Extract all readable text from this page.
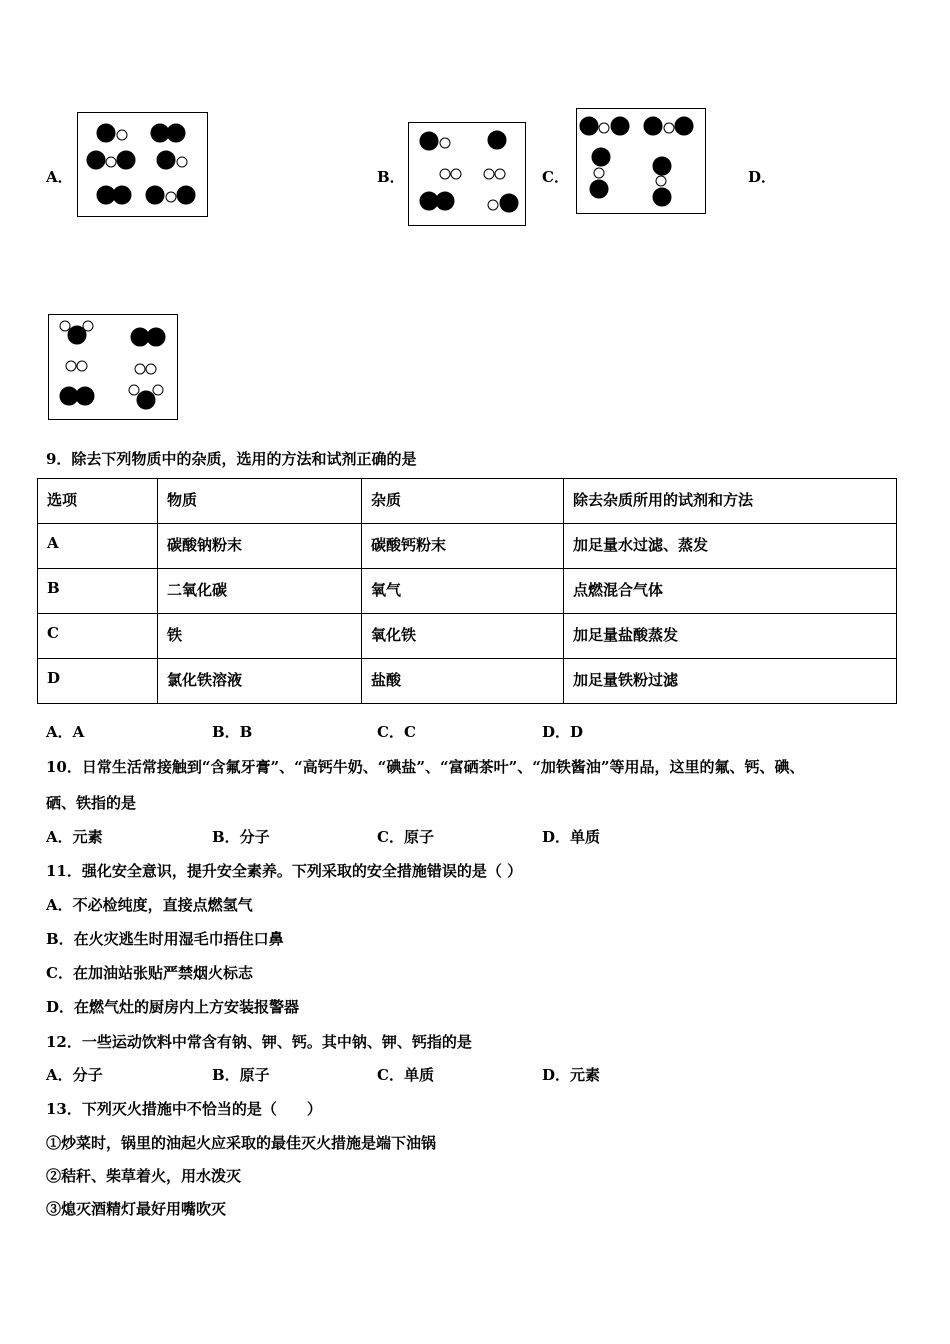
A．	B．	C．	D．
9．除去下列物质中的杂质，选用的方法和试剂正确的是
选项	物质	杂质	除去杂质所用的试剂和方法
A	碳酸钠粉末	碳酸钙粉末	加足量水过滤、蒸发
B	二氧化碳	氧气	点燃混合气体
C	铁	氧化铁	加足量盐酸蒸发
D	氯化铁溶液	盐酸	加足量铁粉过滤
A．A	B．B	C．C	D．D
10．日常生活常接触到“含氟牙膏”、“高钙牛奶、“碘盐”、“富硒茶叶”、“加铁酱油”等用品，这里的氟、钙、碘、
硒、铁指的是
A．元素	B．分子	C．原子	D．单质
11．强化安全意识，提升安全素养。下列采取的安全措施错误的是（ ）
A．不必检纯度，直接点燃氢气
B．在火灾逃生时用湿毛巾捂住口鼻
C．在加油站张贴严禁烟火标志
D．在燃气灶的厨房内上方安装报警器
12．一些运动饮料中常含有钠、钾、钙。其中钠、钾、钙指的是
A．分子	B．原子	C．单质	D．元素
13．下列灭火措施中不恰当的是（　　）
①炒菜时，锅里的油起火应采取的最佳灭火措施是端下油锅
②秸秆、柴草着火，用水泼灭
③熄灭酒精灯最好用嘴吹灭
